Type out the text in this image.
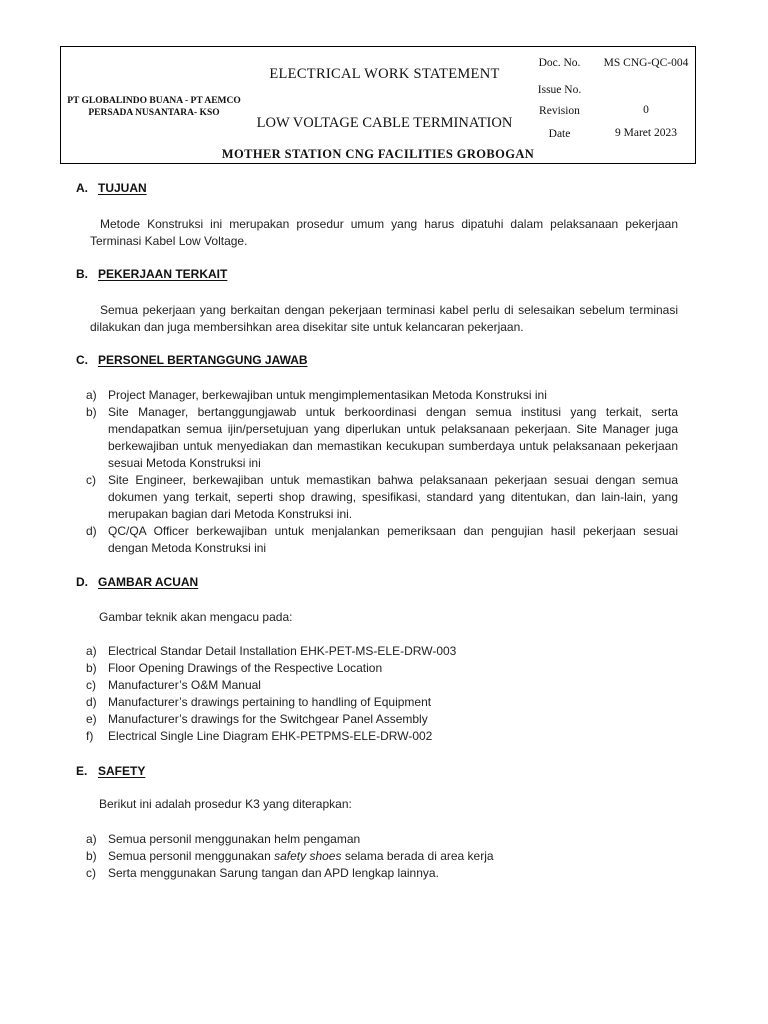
PT GLOBALINDO BUANA - PT AEMCO PERSADA NUSANTARA- KSO
ELECTRICAL WORK STATEMENT
LOW VOLTAGE CABLE TERMINATION
Doc. No.	MS CNG-QC-004
Issue No.
Revision	0
Date	9 Maret 2023
MOTHER STATION CNG FACILITIES GROBOGAN
A. TUJUAN
Metode Konstruksi ini merupakan prosedur umum yang harus dipatuhi dalam pelaksanaan pekerjaan Terminasi Kabel Low Voltage.
B. PEKERJAAN TERKAIT
Semua pekerjaan yang berkaitan dengan pekerjaan terminasi kabel perlu di selesaikan sebelum terminasi dilakukan dan juga membersihkan area disekitar site untuk kelancaran pekerjaan.
C. PERSONEL BERTANGGUNG JAWAB
a) Project Manager, berkewajiban untuk mengimplementasikan Metoda Konstruksi ini
b) Site Manager, bertanggungjawab untuk berkoordinasi dengan semua institusi yang terkait, serta mendapatkan semua ijin/persetujuan yang diperlukan untuk pelaksanaan pekerjaan. Site Manager juga berkewajiban untuk menyediakan dan memastikan kecukupan sumberdaya untuk pelaksanaan pekerjaan sesuai Metoda Konstruksi ini
c) Site Engineer, berkewajiban untuk memastikan bahwa pelaksanaan pekerjaan sesuai dengan semua dokumen yang terkait, seperti shop drawing, spesifikasi, standard yang ditentukan, dan lain-lain, yang merupakan bagian dari Metoda Konstruksi ini.
d) QC/QA Officer berkewajiban untuk menjalankan pemeriksaan dan pengujian hasil pekerjaan sesuai dengan Metoda Konstruksi ini
D. GAMBAR ACUAN
Gambar teknik akan mengacu pada:
a) Electrical Standar Detail Installation EHK-PET-MS-ELE-DRW-003
b) Floor Opening Drawings of the Respective Location
c) Manufacturer’s O&M Manual
d) Manufacturer’s drawings pertaining to handling of Equipment
e) Manufacturer’s drawings for the Switchgear Panel Assembly
f) Electrical Single Line Diagram EHK-PETPMS-ELE-DRW-002
E. SAFETY
Berikut ini adalah prosedur K3 yang diterapkan:
a) Semua personil menggunakan helm pengaman
b) Semua personil menggunakan safety shoes selama berada di area kerja
c) Serta menggunakan Sarung tangan dan APD lengkap lainnya.
